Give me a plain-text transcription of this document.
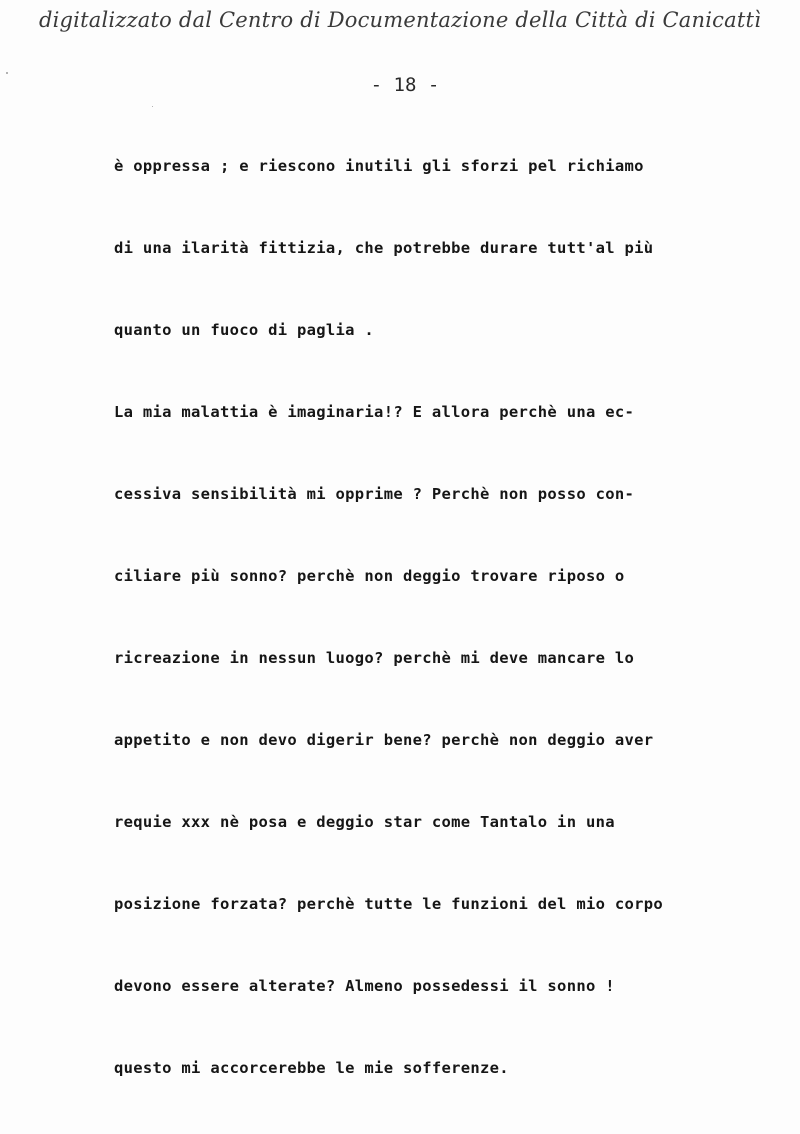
digitalizzato dal Centro di Documentazione della Città di Canicattì
- 18 -
è oppressa ; e riescono inutili gli sforzi pel richiamo
di una ilarità fittizia, che potrebbe durare tutt'al più
quanto un fuoco di paglia .
La mia malattia è imaginaria!? E allora perchè una ec-
cessiva sensibilità mi opprime ? Perchè non posso con-
ciliare più sonno? perchè non deggio trovare riposo o
ricreazione in nessun luogo? perchè mi deve mancare lo
appetito e non devo digerir bene? perchè non deggio aver
requie xxx nè posa e deggio star come Tantalo in una
posizione forzata? perchè tutte le funzioni del mio corpo
devono essere alterate? Almeno possedessi il sonno !
questo mi accorcerebbe le mie sofferenze.
